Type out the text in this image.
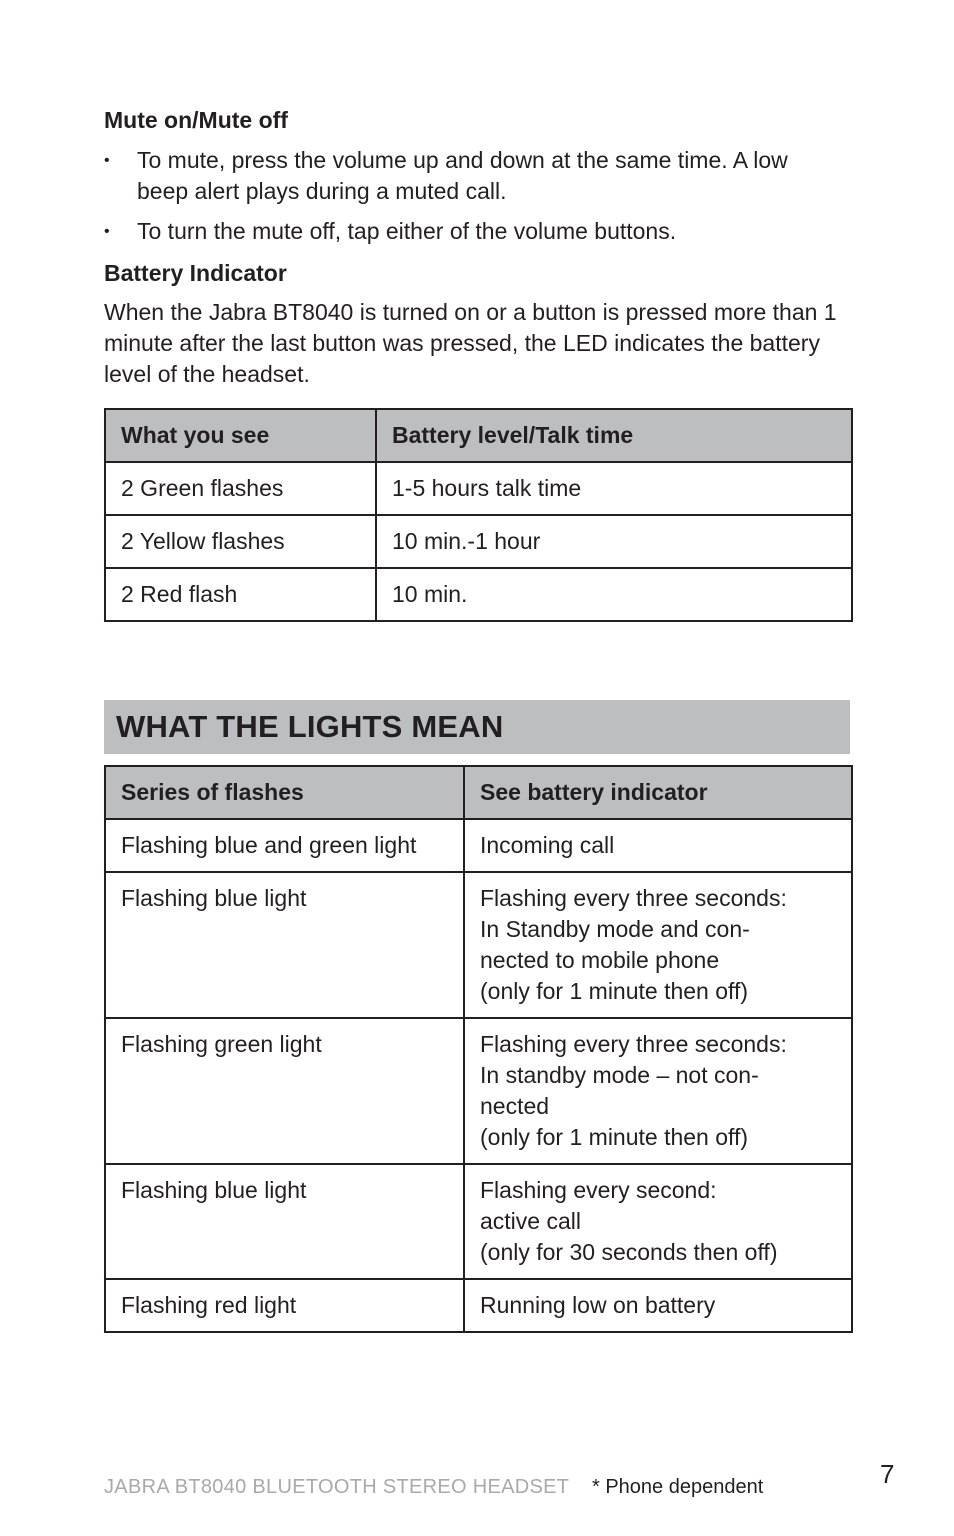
Mute on/Mute off
• To mute, press the volume up and down at the same time. A low beep alert plays during a muted call.
• To turn the mute off, tap either of the volume buttons.
Battery Indicator

When the Jabra BT8040 is turned on or a button is pressed more than 1 minute after the last button was pressed, the LED indicates the battery level of the headset.

What you see	Battery level/Talk time
2 Green flashes	1-5 hours talk time
2 Yellow flashes	10 min.-1 hour
2 Red flash	10 min.
WHAT THE LIGHTS MEAN
Series of flashes	See battery indicator
Flashing blue and green light	Incoming call
Flashing blue light	Flashing every three seconds:
In Standby mode and con-
nected to mobile phone
(only for 1 minute then off)
Flashing green light	Flashing every three seconds:
In standby mode – not con-
nected
(only for 1 minute then off)
Flashing blue light	Flashing every second:
active call
(only for 30 seconds then off)
Flashing red light	Running low on battery
JABRA BT8040 BLUETOOTH STEREO HEADSET * Phone dependent	7
